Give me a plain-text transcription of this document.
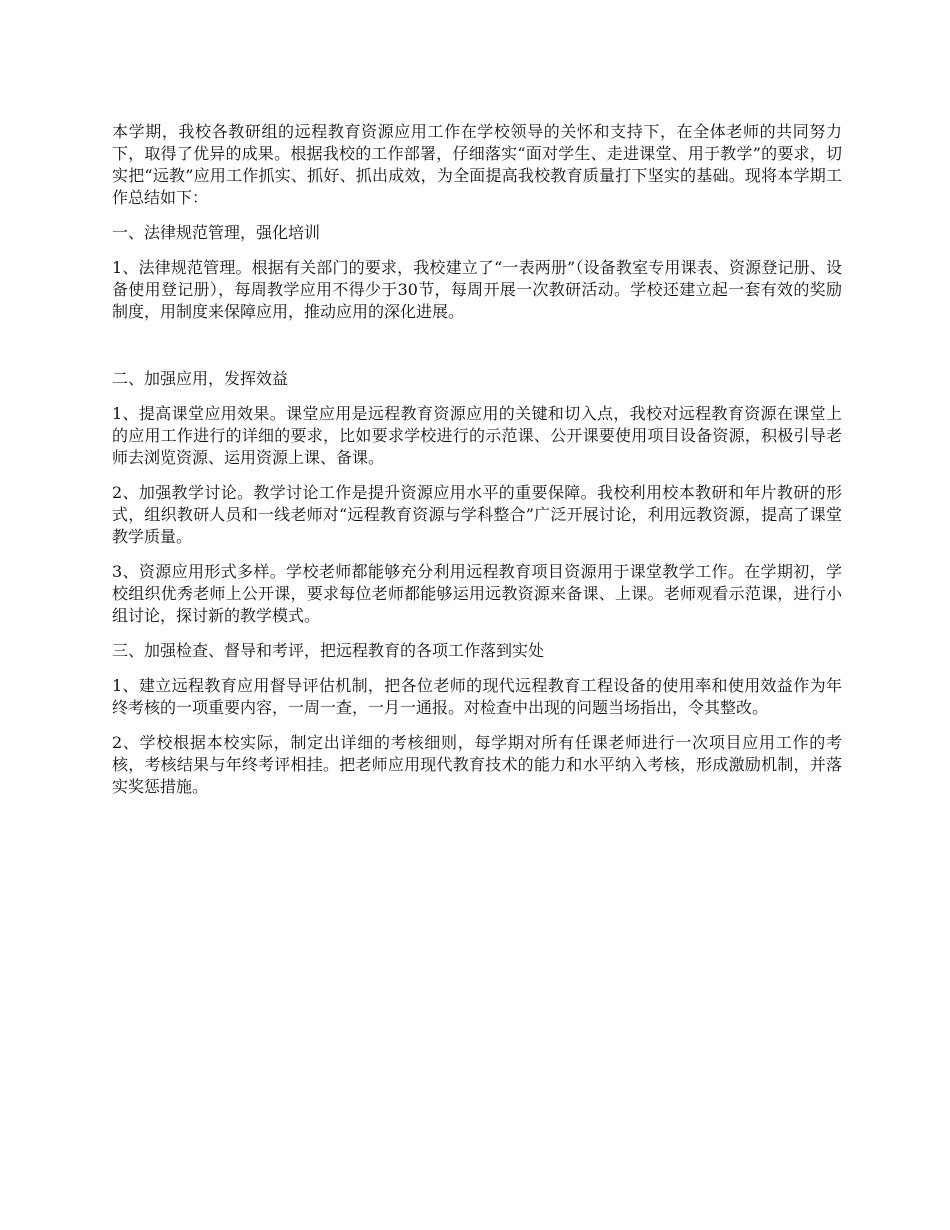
本学期，我校各教研组的远程教育资源应用工作在学校领导的关怀和支持下，在全体老师的共同努力下，取得了优异的成果。根据我校的工作部署，仔细落实“面对学生、走进课堂、用于教学”的要求，切实把“远教”应用工作抓实、抓好、抓出成效，为全面提高我校教育质量打下坚实的基础。现将本学期工作总结如下：

一、法律规范管理，强化培训

1、法律规范管理。根据有关部门的要求，我校建立了“一表两册”（设备教室专用课表、资源登记册、设备使用登记册），每周教学应用不得少于30节，每周开展一次教研活动。学校还建立起一套有效的奖励制度，用制度来保障应用，推动应用的深化进展。

二、加强应用，发挥效益

1、提高课堂应用效果。课堂应用是远程教育资源应用的关键和切入点，我校对远程教育资源在课堂上的应用工作进行的详细的要求，比如要求学校进行的示范课、公开课要使用项目设备资源，积极引导老师去浏览资源、运用资源上课、备课。

2、加强教学讨论。教学讨论工作是提升资源应用水平的重要保障。我校利用校本教研和年片教研的形式，组织教研人员和一线老师对“远程教育资源与学科整合”广泛开展讨论，利用远教资源，提高了课堂教学质量。

3、资源应用形式多样。学校老师都能够充分利用远程教育项目资源用于课堂教学工作。在学期初，学校组织优秀老师上公开课，要求每位老师都能够运用远教资源来备课、上课。老师观看示范课，进行小组讨论，探讨新的教学模式。

三、加强检查、督导和考评，把远程教育的各项工作落到实处

1、建立远程教育应用督导评估机制，把各位老师的现代远程教育工程设备的使用率和使用效益作为年终考核的一项重要内容，一周一查，一月一通报。对检查中出现的问题当场指出，令其整改。

2、学校根据本校实际，制定出详细的考核细则，每学期对所有任课老师进行一次项目应用工作的考核，考核结果与年终考评相挂。把老师应用现代教育技术的能力和水平纳入考核，形成激励机制，并落实奖惩措施。
